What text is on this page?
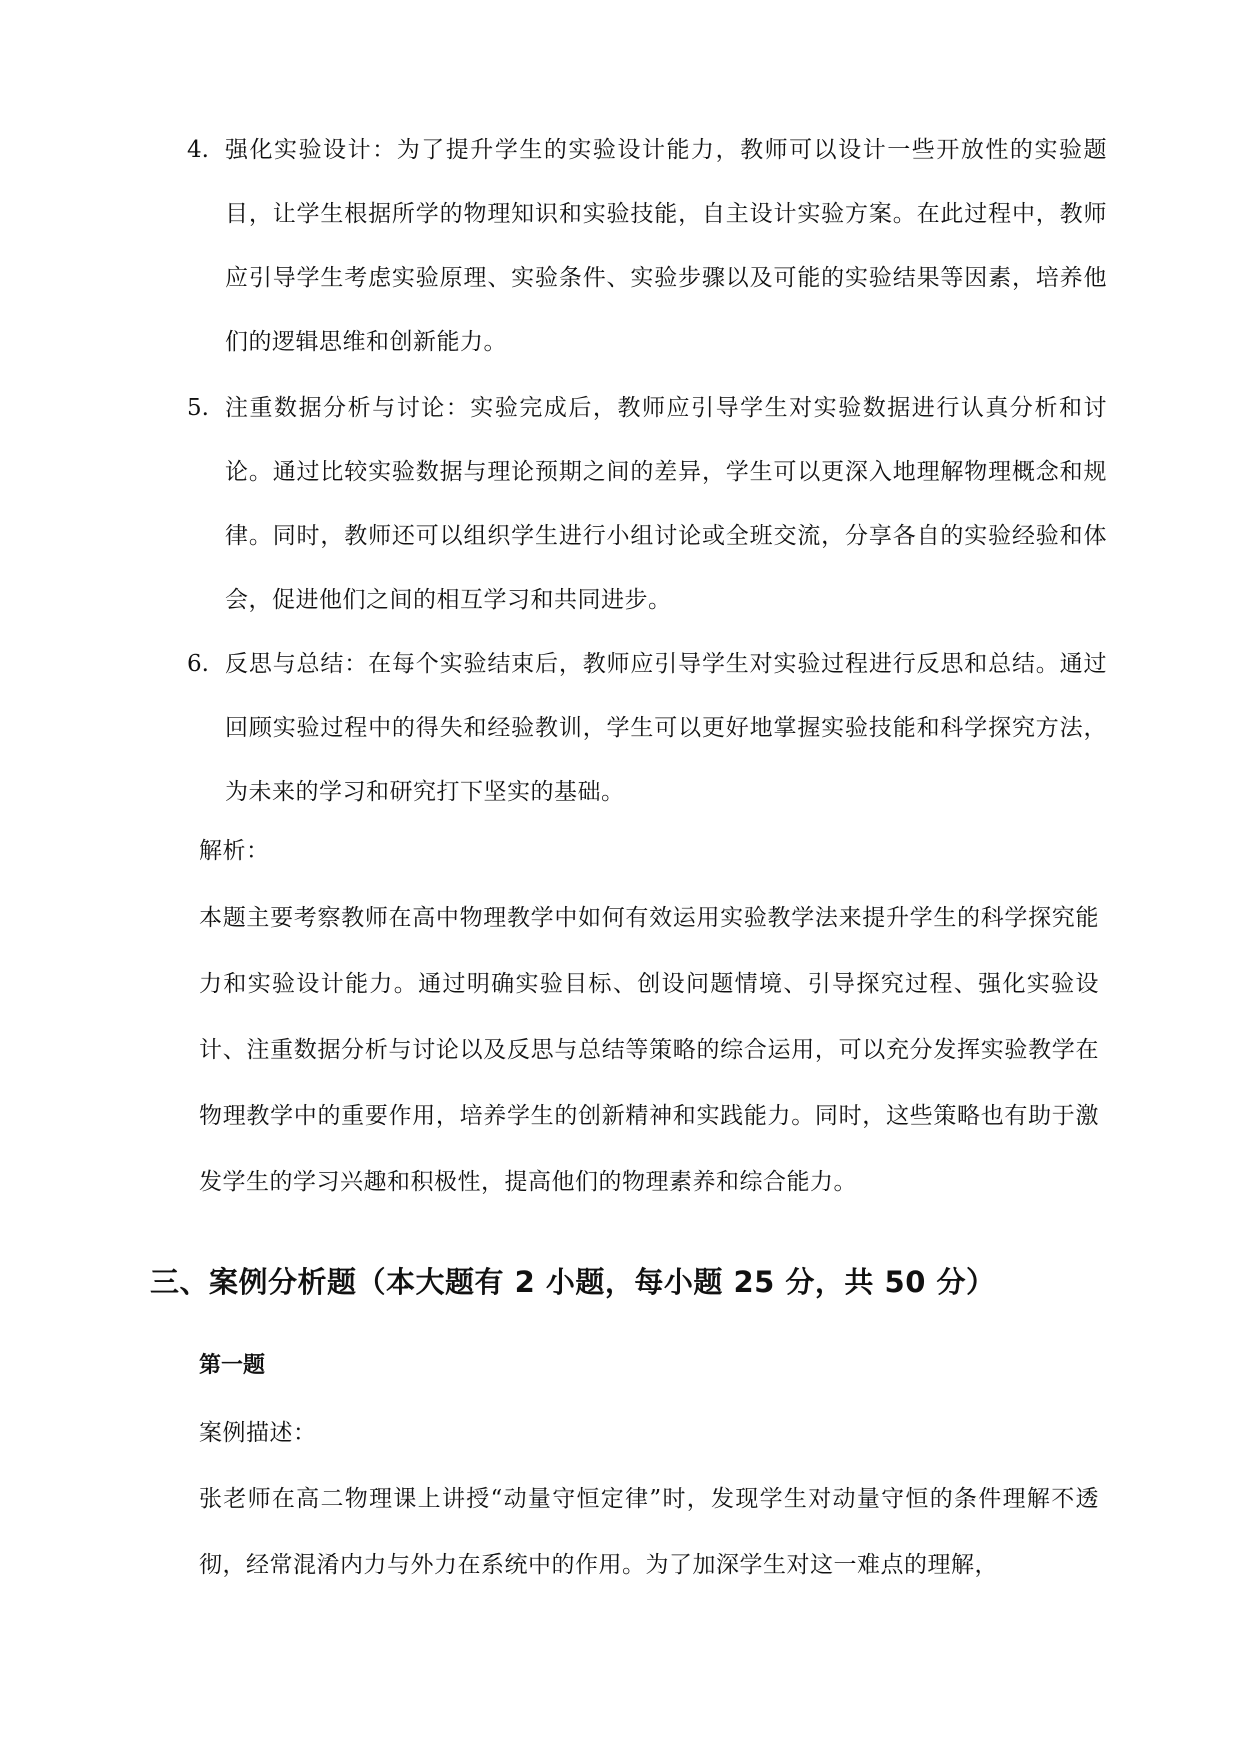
4. 强化实验设计：为了提升学生的实验设计能力，教师可以设计一些开放性的实验题目，让学生根据所学的物理知识和实验技能，自主设计实验方案。在此过程中，教师应引导学生考虑实验原理、实验条件、实验步骤以及可能的实验结果等因素，培养他们的逻辑思维和创新能力。
5. 注重数据分析与讨论：实验完成后，教师应引导学生对实验数据进行认真分析和讨论。通过比较实验数据与理论预期之间的差异，学生可以更深入地理解物理概念和规律。同时，教师还可以组织学生进行小组讨论或全班交流，分享各自的实验经验和体会，促进他们之间的相互学习和共同进步。
6. 反思与总结：在每个实验结束后，教师应引导学生对实验过程进行反思和总结。通过回顾实验过程中的得失和经验教训，学生可以更好地掌握实验技能和科学探究方法，为未来的学习和研究打下坚实的基础。
解析：
本题主要考察教师在高中物理教学中如何有效运用实验教学法来提升学生的科学探究能力和实验设计能力。通过明确实验目标、创设问题情境、引导探究过程、强化实验设计、注重数据分析与讨论以及反思与总结等策略的综合运用，可以充分发挥实验教学在物理教学中的重要作用，培养学生的创新精神和实践能力。同时，这些策略也有助于激发学生的学习兴趣和积极性，提高他们的物理素养和综合能力。
三、案例分析题（本大题有 2 小题，每小题 25 分，共 50 分）
第一题
案例描述：
张老师在高二物理课上讲授“动量守恒定律”时，发现学生对动量守恒的条件理解不透彻，经常混淆内力与外力在系统中的作用。为了加深学生对这一难点的理解，
